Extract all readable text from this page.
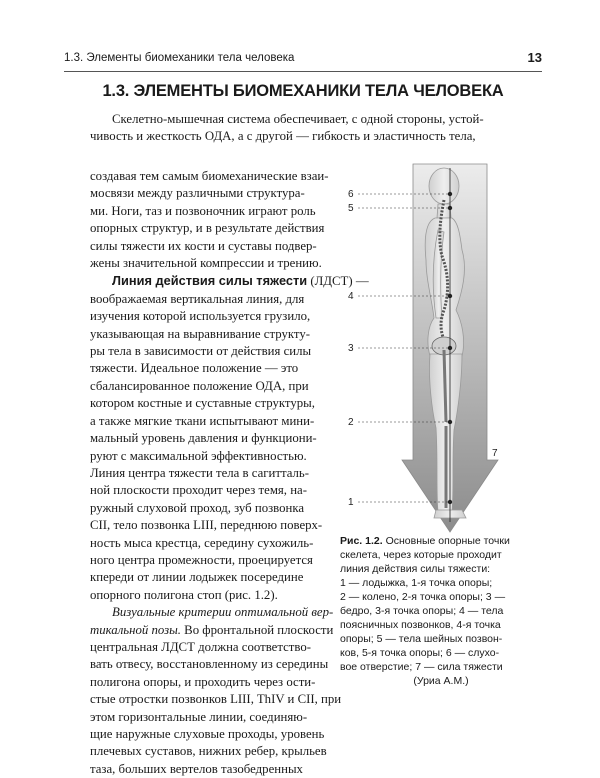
1.3. Элементы биомеханики тела человека	13
1.3. ЭЛЕМЕНТЫ БИОМЕХАНИКИ ТЕЛА ЧЕЛОВЕКА
Скелетно-мышечная система обеспечивает, с одной стороны, устой-
чивость и жесткость ОДА, а с другой — гибкость и эластичность тела,
создавая тем самым биомеханические взаи-
мосвязи между различными структура-
ми. Ноги, таз и позвоночник играют роль
опорных структур, и в результате действия
силы тяжести их кости и суставы подвер-
жены значительной компрессии и трению.
Линия действия силы тяжести (ЛДСТ) —
воображаемая вертикальная линия, для
изучения которой используется грузило,
указывающая на выравнивание структу-
ры тела в зависимости от действия силы
тяжести. Идеальное положение — это
сбалансированное положение ОДА, при
котором костные и суставные структуры,
а также мягкие ткани испытывают мини-
мальный уровень давления и функциони-
руют с максимальной эффективностью.
Линия центра тяжести тела в сагитталь-
ной плоскости проходит через темя, на-
ружный слуховой проход, зуб позвонка
CII, тело позвонка LIII, переднюю поверх-
ность мыса крестца, середину сухожиль-
ного центра промежности, проецируется
кпереди от линии лодыжек посередине
опорного полигона стоп (рис. 1.2).
Визуальные критерии оптимальной вер-
тикальной позы. Во фронтальной плоскости
центральная ЛДСТ должна соответство-
вать отвесу, восстановленному из середины
полигона опоры, и проходить через ости-
стые отростки позвонков LIII, ThIV и CII, при
этом горизонтальные линии, соединяю-
щие наружные слуховые проходы, уровень
плечевых суставов, нижних ребер, крыльев
таза, больших вертелов тазобедренных
6
5
4
3
2
1
7
Рис. 1.2. Основные опорные точки
скелета, через которые проходит
линия действия силы тяжести:
1 — лодыжка, 1-я точка опоры;
2 — колено, 2-я точка опоры; 3 —
бедро, 3-я точка опоры; 4 — тела
поясничных позвонков, 4-я точка
опоры; 5 — тела шейных позвон-
ков, 5-я точка опоры; 6 — слухо-
вое отверстие; 7 — сила тяжести
(Уриа А.М.)
